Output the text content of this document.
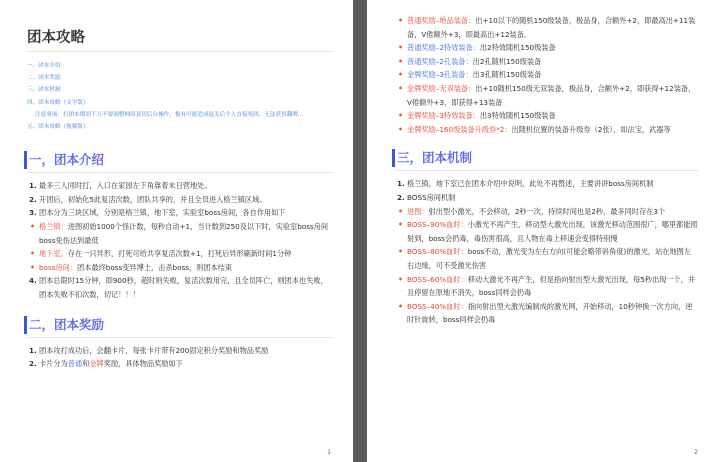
团本攻略
一、团本介绍
二、团本奖励
三、团本机制
四、团本攻略（文字版）
注意事项：打团本期间千万不要调整网络及切后台操作，极有可能造成退关后个人直接死团，无法获得翻牌...
五、团本攻略（视频版）
一，团本介绍
1. 最多三人同时打，入口在家园左下角靠着末日营地处。
2. 开团后，初始化5此复活次数，团队共享的，并且全员进入格兰镇区域。
3. 团本分为三块区域，分别是格兰镇，地下室，实验室boss房间，各自作用如下
• 格兰镇：进图初始1000个怪计数，每秒自动+1，当计数到250及以下时，实验室boss房间boss免伤达到最低
• 地下室，存在一只异形，打死可给共享复活次数+1，打死后异形刷新时间1分钟
• boss房间：团本最终boss变异博士，击杀boss，则团本结束
4. 团本总限时15分钟，即900秒，超时则失败，复活次数用完，且全员阵亡，则团本也失败，团本失败不扣次数，切记！！！
二，团本奖励
1. 团本攻打成功后，会翻卡片，每张卡片带有200固定积分奖励和物品奖励
2. 卡片分为普通和金牌奖励，具体物品奖励如下
1
• 普通奖励–绝品装备：出+10以下的随机150级装备，极品身，合额外+2，即最高出+11装备，V倦额外+3，即最高出+12装备。
• 普通奖励–2特效装备：出2特效随机150级装备
• 普通奖励–2孔装备：出2孔随机150级装备
• 金牌奖励–3孔装备：出3孔随机150级装备
• 金牌奖励–无双装备：出+10随机150级无双装备，极品身，合额外+2，即获得+12装备，V倦额外+3，即获得+13装备
• 金牌奖励–3特效装备：出3特效随机150级装备
• 金牌奖励–160级装备升级券*2：出随机位置的装备升级券（2张），如法宝，武器等
三，团本机制
1. 格兰镇，地下室已在团本介绍中说明，此处不再赘述，主要讲讲boss房间机制
2. BOSS房间机制
• 进图：射出型小激光，不会移动，2秒一次，持续时间也是2秒，最多同时存在3个
• BOSS–90%血时：小激光不再产生，移动型大激光出现，该激光移动范围很广，哪里都能照射到，boss会扔毒，毒伤害很高，且人物在毒上移速会变得特别慢
• BOSS–80%血时：boss不动，激光变为左右方向(可能会略带斜角度)的激光，站在地图左右边缘，可不受激光伤害
• BOSS–60%血时：移动大激光不再产生，但是指向射出型大激光出现，每5秒出现一个，并且停留在原地不消失，boss同样会扔毒
• BOSS–40%血时：指向射出型大激光编制成的激光网，开始移动，10秒钟换一次方向，逆时针旋转，boss同样会扔毒
2
